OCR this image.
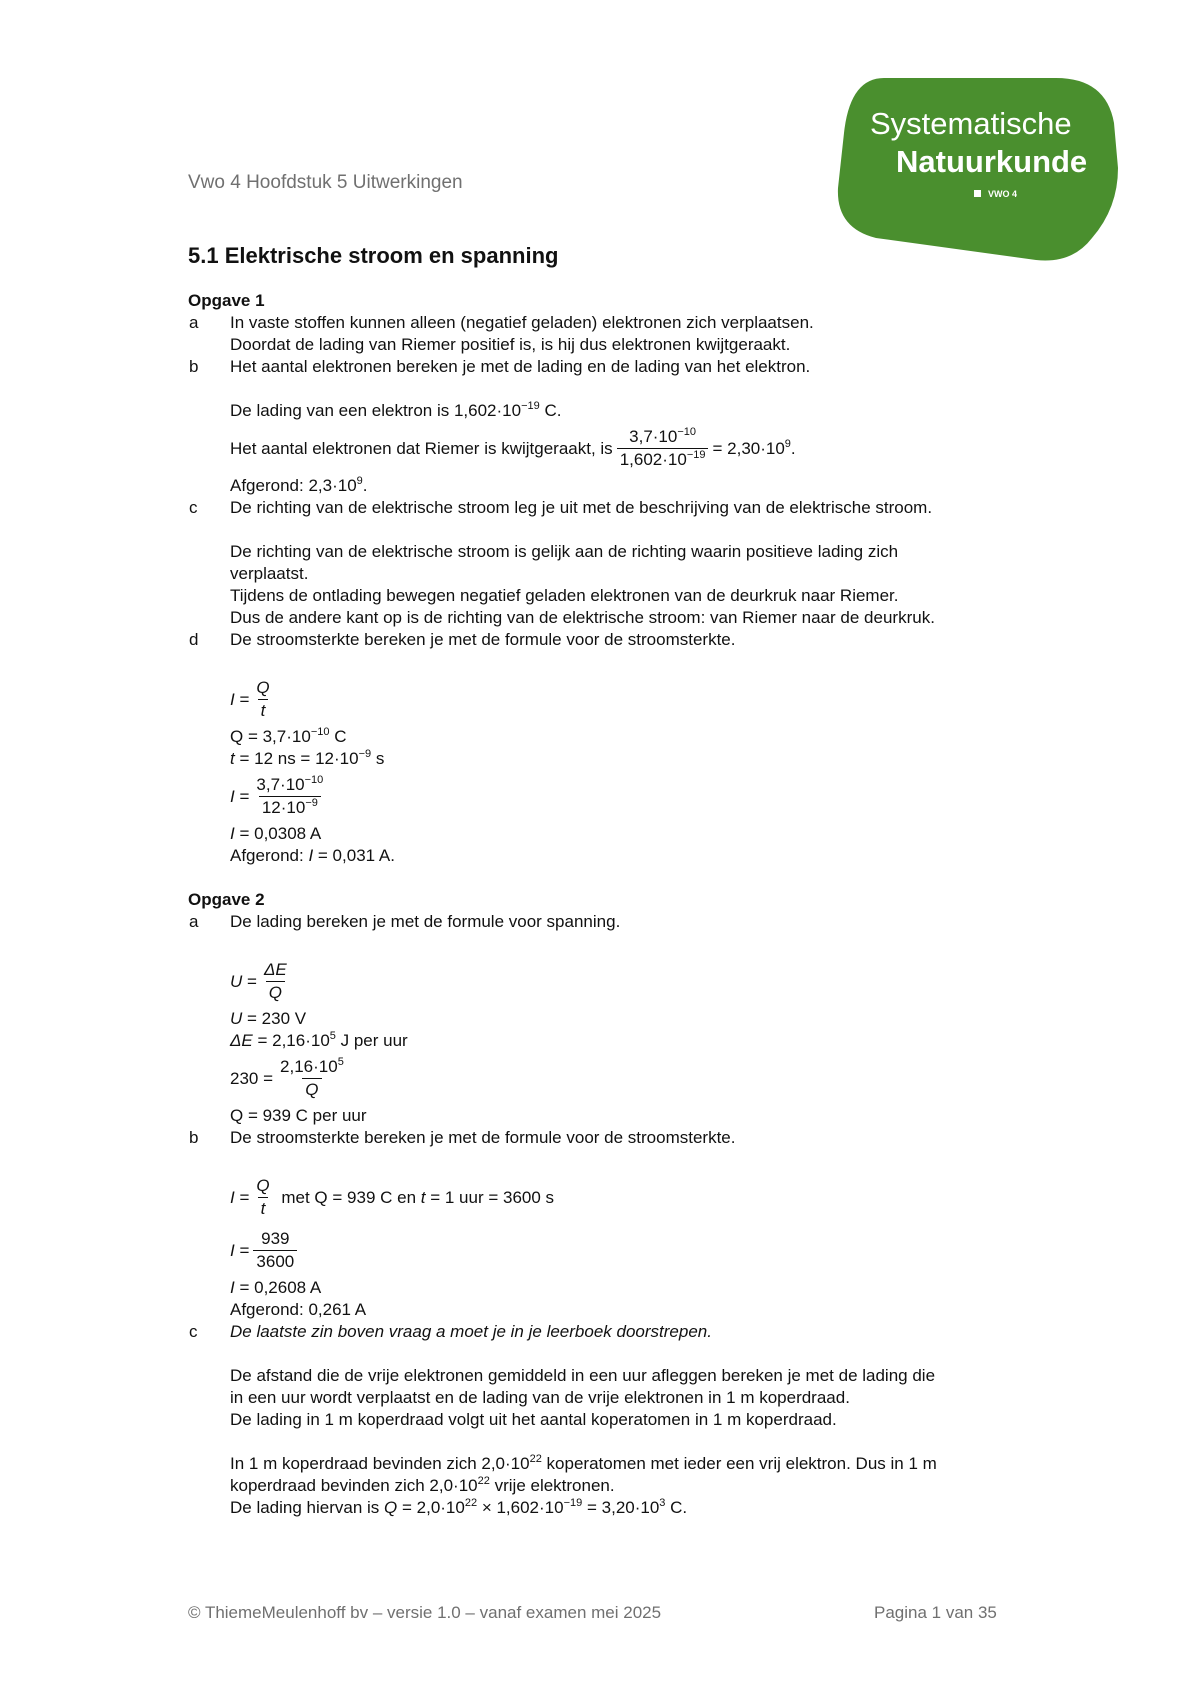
Systematische
Natuurkunde
VWO 4
Vwo 4 Hoofdstuk 5 Uitwerkingen
5.1 Elektrische stroom en spanning
Opgave 1
a In vaste stoffen kunnen alleen (negatief geladen) elektronen zich verplaatsen.
Doordat de lading van Riemer positief is, is hij dus elektronen kwijtgeraakt.
b Het aantal elektronen bereken je met de lading en de lading van het elektron.
De lading van een elektron is $1,602\cdot 10^{-19}$ C.
Het aantal elektronen dat Riemer is kwijtgeraakt, is $\frac{3,7\cdot 10^{-10}}{1,602\cdot 10^{-19}} = 2,30\cdot 10^9$.
Afgerond: $2,3\cdot 10^9$.
c De richting van de elektrische stroom leg je uit met de beschrijving van de elektrische stroom.
De richting van de elektrische stroom is gelijk aan de richting waarin positieve lading zich
verplaatst.
Tijdens de ontlading bewegen negatief geladen elektronen van de deurkruk naar Riemer.
Dus de andere kant op is de richting van de elektrische stroom: van Riemer naar de deurkruk.
d De stroomsterkte bereken je met de formule voor de stroomsterkte.
I
= $\frac{Q}{t}$
$Q = 3,7\cdot 10^{-10}$ C
t = 12 ns = $12\cdot 10^{-9}$ s
I
= $\frac{3,7\cdot 10^{-10}}{12\cdot 10^{-9}}$
I = 0,0308 A
Afgerond: I = 0,031 A.
Opgave 2
a De lading bereken je met de formule voor spanning.
U
= $\frac{\Delta E}{Q}$
U = 230 V
$\Delta E = 2,16\cdot 10^5$ J per uur
$230 = \frac{2,16\cdot 10^5}{Q}$
Q = 939 C per uur
b De stroomsterkte bereken je met de formule voor de stroomsterkte.
I
= $\frac{Q}{t}$ met Q = 939 C en t = 1 uur = 3600 s
I
= $\frac{939}{3600}$
I = 0,2608 A
Afgerond: 0,261 A
c De laatste zin boven vraag a moet je in je leerboek doorstrepen.
De afstand die de vrije elektronen gemiddeld in een uur afleggen bereken je met de lading die
in een uur wordt verplaatst en de lading van de vrije elektronen in 1 m koperdraad.
De lading in 1 m koperdraad volgt uit het aantal koperatomen in 1 m koperdraad.
In 1 m koperdraad bevinden zich $2,0\cdot 10^{22}$ koperatomen met ieder een vrij elektron. Dus in 1 m
koperdraad bevinden zich $2,0\cdot 10^{22}$ vrije elektronen.
De lading hiervan is $Q = 2,0\cdot 10^{22} \times 1,602\cdot 10^{-19} = 3,20\cdot 10^3$ C.
© ThiemeMeulenhoff bv – versie 1.0 – vanaf examen mei 2025	Pagina 1 van 35
